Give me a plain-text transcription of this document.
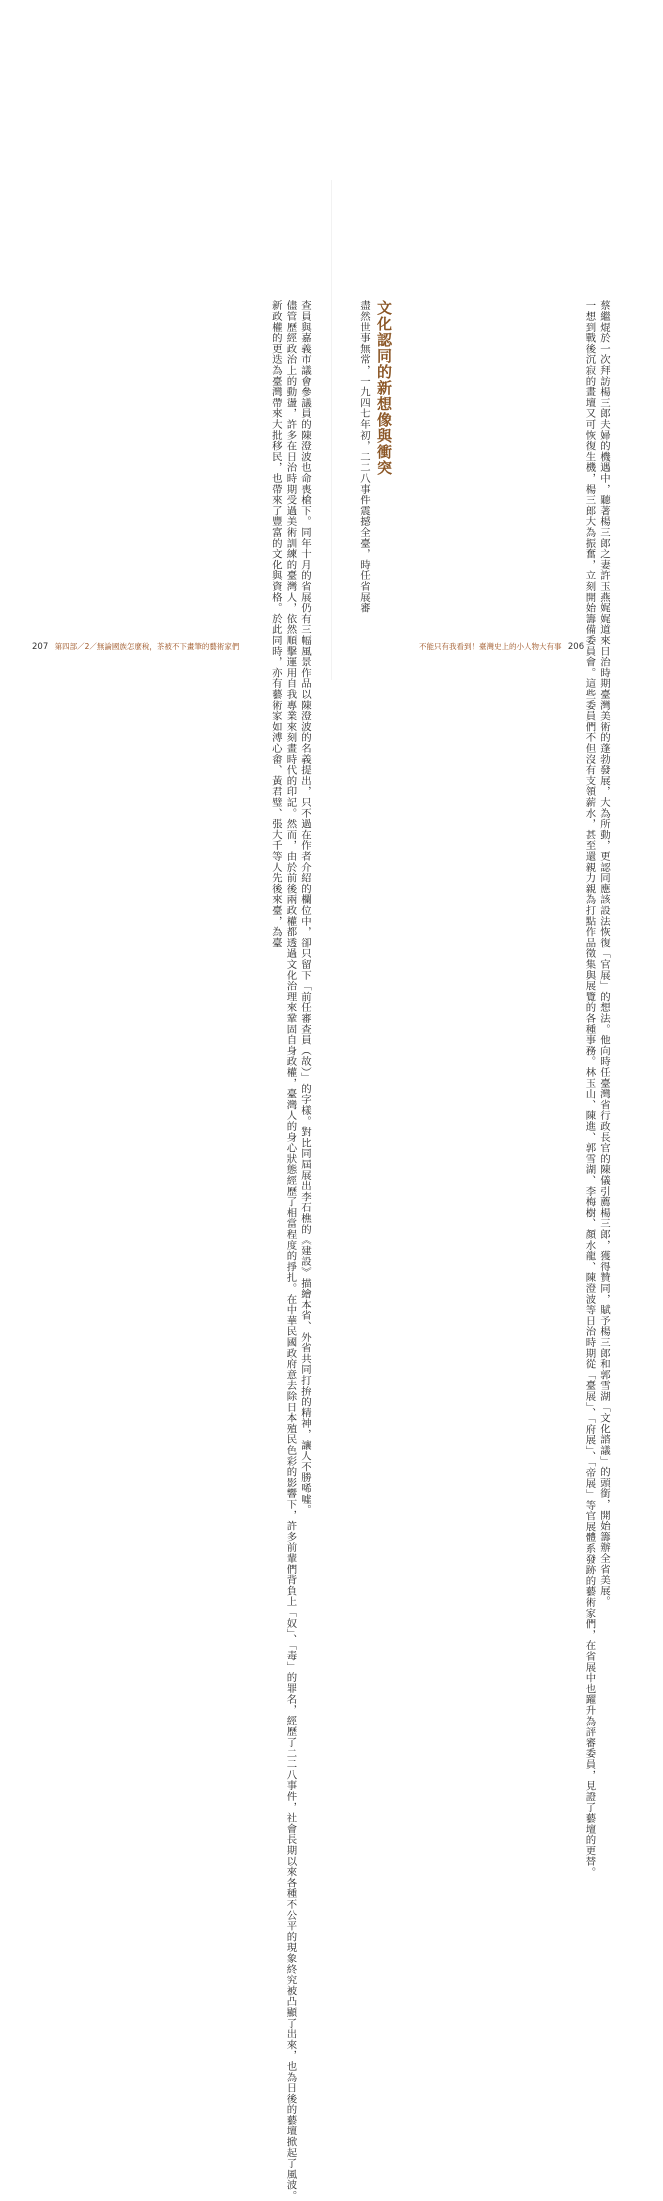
查員與嘉義市議會參議員的陳澄波也命喪槍下。同年十月的省展仍有三幅風景作品以陳澄波的名義提出，只不過在作者介紹的欄位中，卻只留下「前任審查員（故）」的字樣。對比同屆展出李石樵的《建設》描繪本省、外省共同打拚的精神，讓人不勝唏噓。

儘管歷經政治上的動盪，許多在日治時期受過美術訓練的臺灣人，依然順擊運用自我專業來刻畫時代的印記。然而，由於前後兩政權都透過文化治理來鞏固自身政權，臺灣人的身心狀態經歷了相當程度的掙扎。在中華民國政府意去除日本殖民色彩的影響下，許多前輩們背負上「奴」、「毒」的罪名，經歷了二二八事件，社會長期以來各種不公平的現象終究被凸顯了出來，也為日後的藝壇掀起了風波。

新政權的更迭為臺灣帶來大批移民，也帶來了豐富的文化與資格。於此同時，亦有藝術家如溥心畬、黃君璧、張大千等人先後來臺，為臺

207 第四部／2／無論國族怎麼稅，茶被不下畫筆的藝術家們

盡然世事無常，一九四七年初，二二八事件震撼全臺，時任省展審 文化認同的新想像與衝突	蔡繼焜於一次拜訪楊三郎夫婦的機遇中，聽著楊三郎之妻許玉燕娓娓道來日治時期臺灣美術的蓬勃發展，大為所動，更認同應該設法恢復「官展」的想法。他向時任臺灣省行政長官的陳儀引薦楊三郎，獲得贊同，賦予楊三郎和郭雪湖「文化諮議」的頭銜，開始籌辦全省美展。

一想到戰後沉寂的畫壇又可恢復生機，楊三郎大為振奮，立刻開始籌備委員會。這些委員們不但沒有支領薪水，甚至還親力親為打點作品徵集與展覽的各種事務。林玉山、陳進、郭雪湖、李梅樹、顏水龍、陳澄波等日治時期從「臺展」、「府展」、「帝展」等官展體系發跡的藝術家們，在省展中也躍升為評審委員，見證了藝壇的更替。

不能只有我看到！臺灣史上的小人物大有事 206
